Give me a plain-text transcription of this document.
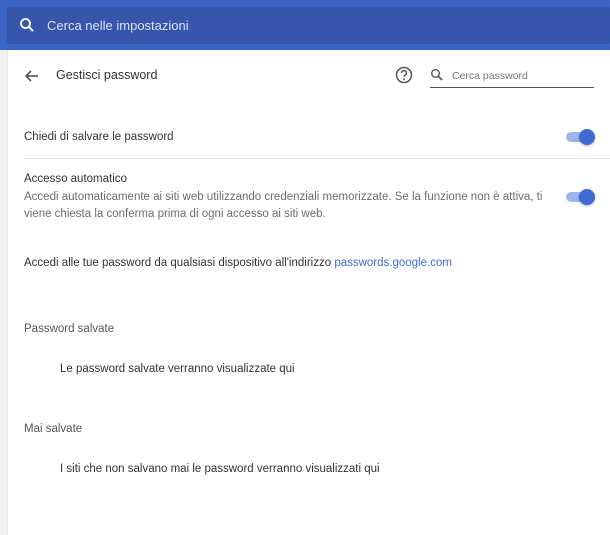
Cerca nelle impostazioni
Gestisci password
Cerca password
Chiedi di salvare le password
Accesso automatico
Accedi automaticamente ai siti web utilizzando credenziali memorizzate. Se la funzione non è attiva, ti viene chiesta la conferma prima di ogni accesso ai siti web.
Accedi alle tue password da qualsiasi dispositivo all'indirizzo passwords.google.com
Password salvate
Le password salvate verranno visualizzate qui
Mai salvate
I siti che non salvano mai le password verranno visualizzati qui
